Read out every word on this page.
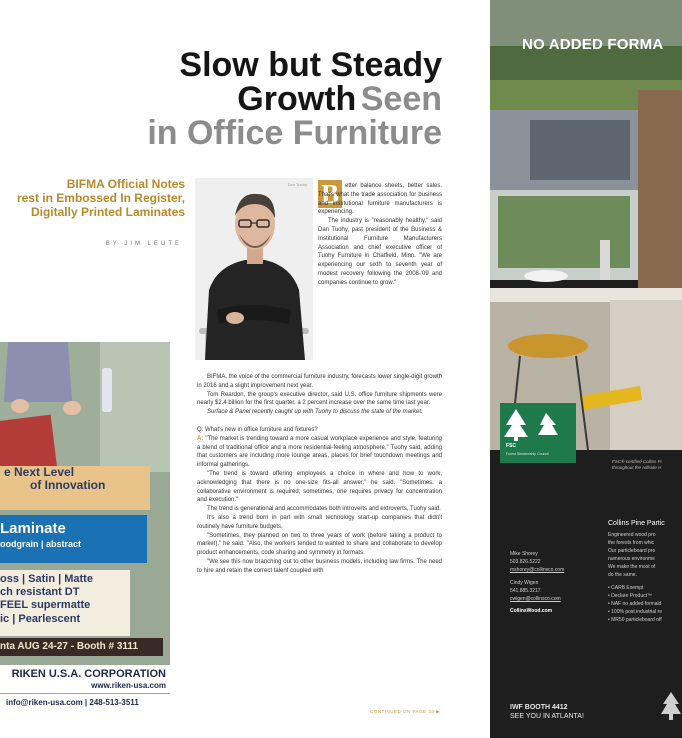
Slow but Steady
Growth Seen
in Office Furniture
BIFMA Official Notes
rest in Embossed In Register,
Digitally Printed Laminates
BY JIM LEUTE
Dan Tuohy B	etter balance sheets, better sales. That's what the trade association for business and institutional furniture manufacturers is experiencing.

The industry is "reasonably healthy," said Dan Tuohy, past president of the Business & Institutional Furniture Manufacturers Association and chief executive officer of Tuohy Furniture in Chatfield, Minn. "We are experiencing our sixth to seventh year of modest recovery following the 2008-'09 and companies continue to grow."

BIFMA, the voice of the commercial furniture industry, forecasts lower single-digit growth in 2016 and a slight improvement next year.

Tom Reardon, the group's executive director, said U.S. office furniture shipments were nearly $2.4 billion for the first quarter, a 2 percent increase over the same time last year.

Surface & Panel recently caught up with Tuohy to discuss the state of the market.

Q: What's new in office furniture and fixtures?

A: "The market is trending toward a more casual workplace experience and style, featuring a blend of traditional office and a more residential-feeling atmosphere," Tuohy said, adding that customers are including more lounge areas, places for brief touchdown meetings and informal gatherings.

"The trend is toward offering employees a choice in where and how to work, acknowledging that there is no one-size fits-all answer," he said. "Sometimes, a collaborative environment is required; sometimes, one requires privacy for concentration and execution."

The trend is generational and accommodates both introverts and extroverts, Tuohy said.

It's also a trend born in part with small technology start-up companies that didn't routinely have furniture budgets.

"Sometimes, they planned on two to three years of work (before taking a product to market)," he said. "Also, the workers tended to wanted to share and collaborate to develop product enhancements, code sharing and symmetry in formats.

"We see this now branching out to other business models, including law firms. The need to hire and retain the correct talent coupled with

CONTINUED ON PAGE 34 ▶
e Next Level
of Innovation
Laminate
oodgrain | abstract
oss | Satin | Matte
ch resistant DT
FEEL supermatte
ic | Pearlescent
nta AUG 24-27 - Booth # 3111
RIKEN U.S.A. CORPORATION
www.riken-usa.com
info@riken-usa.com | 248-513-3511
NO ADDED FORMA
FSC
Forest Stewardship Council
FSC®-certified Collins Pi
throughout the Hillside H
Mike Shorey
503.826.5222
mshorey@collinsco.com
Cindy Wigen
541.885.3217
cwigen@collinsco.com
CollinsWood.com
Collins Pine Partic
Engineered wood pro
the forests from whic
Our particleboard pro
numerous environme
We make the most of
do the same.
• CARB Exempt
• Declare Product™
• NAF no added formald
• 100% post industrial re
• MR50 particleboard off
IWF BOOTH 4412
SEE YOU IN ATLANTA!
